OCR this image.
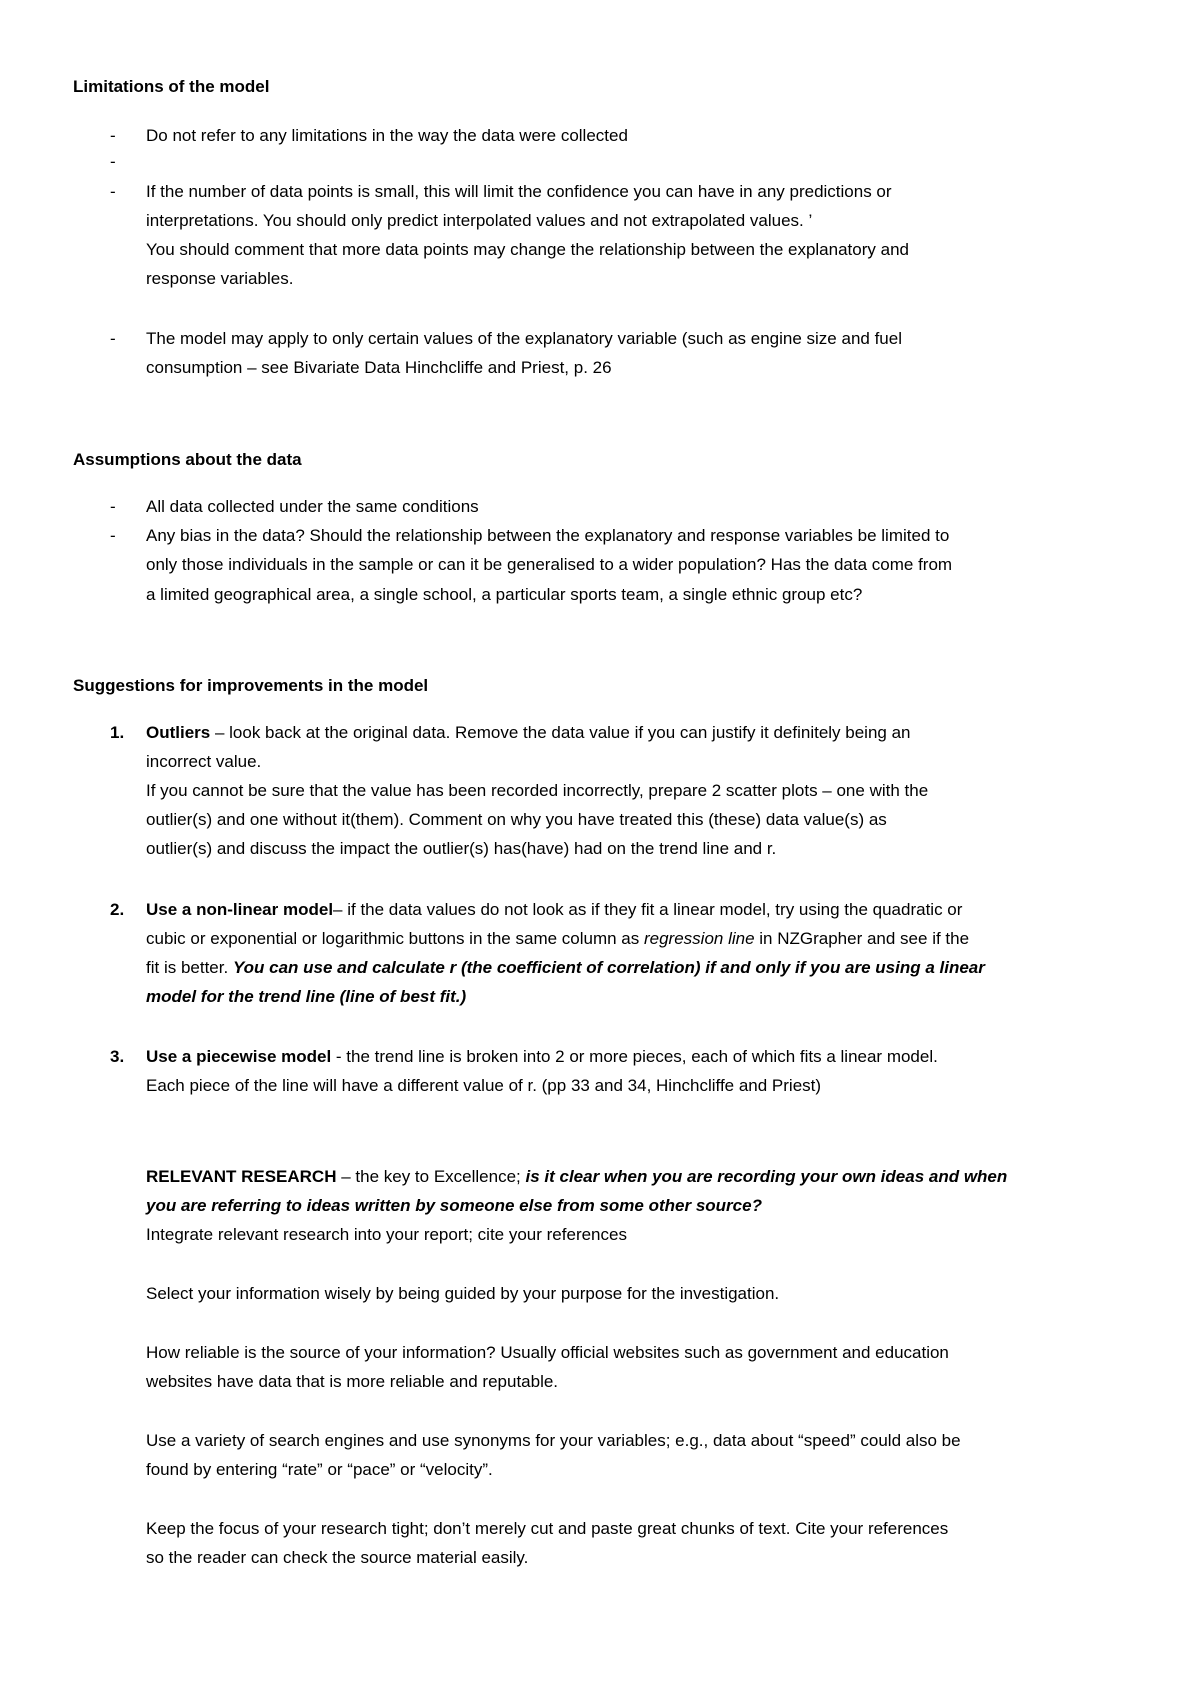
Limitations of the model
- Do not refer to any limitations in the way the data were collected
-
- If the number of data points is small, this will limit the confidence you can have in any predictions or
interpretations. You should only predict interpolated values and not extrapolated values. ’
You should comment that more data points may change the relationship between the explanatory and
response variables.
- The model may apply to only certain values of the explanatory variable (such as engine size and fuel
consumption – see Bivariate Data Hinchcliffe and Priest, p. 26
Assumptions about the data
- All data collected under the same conditions
- Any bias in the data? Should the relationship between the explanatory and response variables be limited to
only those individuals in the sample or can it be generalised to a wider population? Has the data come from
a limited geographical area, a single school, a particular sports team, a single ethnic group etc?
Suggestions for improvements in the model
1. Outliers – look back at the original data. Remove the data value if you can justify it definitely being an
incorrect value.
If you cannot be sure that the value has been recorded incorrectly, prepare 2 scatter plots – one with the
outlier(s) and one without it(them). Comment on why you have treated this (these) data value(s) as
outlier(s) and discuss the impact the outlier(s) has(have) had on the trend line and r.
2. Use a non-linear model– if the data values do not look as if they fit a linear model, try using the quadratic or
cubic or exponential or logarithmic buttons in the same column as regression line in NZGrapher and see if the
fit is better. You can use and calculate r (the coefficient of correlation) if and only if you are using a linear
model for the trend line (line of best fit.)
3. Use a piecewise model - the trend line is broken into 2 or more pieces, each of which fits a linear model.
Each piece of the line will have a different value of r. (pp 33 and 34, Hinchcliffe and Priest)
RELEVANT RESEARCH – the key to Excellence; is it clear when you are recording your own ideas and when
you are referring to ideas written by someone else from some other source?
Integrate relevant research into your report; cite your references
Select your information wisely by being guided by your purpose for the investigation.
How reliable is the source of your information? Usually official websites such as government and education
websites have data that is more reliable and reputable.
Use a variety of search engines and use synonyms for your variables; e.g., data about “speed” could also be
found by entering “rate” or “pace” or “velocity”.
Keep the focus of your research tight; don’t merely cut and paste great chunks of text. Cite your references
so the reader can check the source material easily.
